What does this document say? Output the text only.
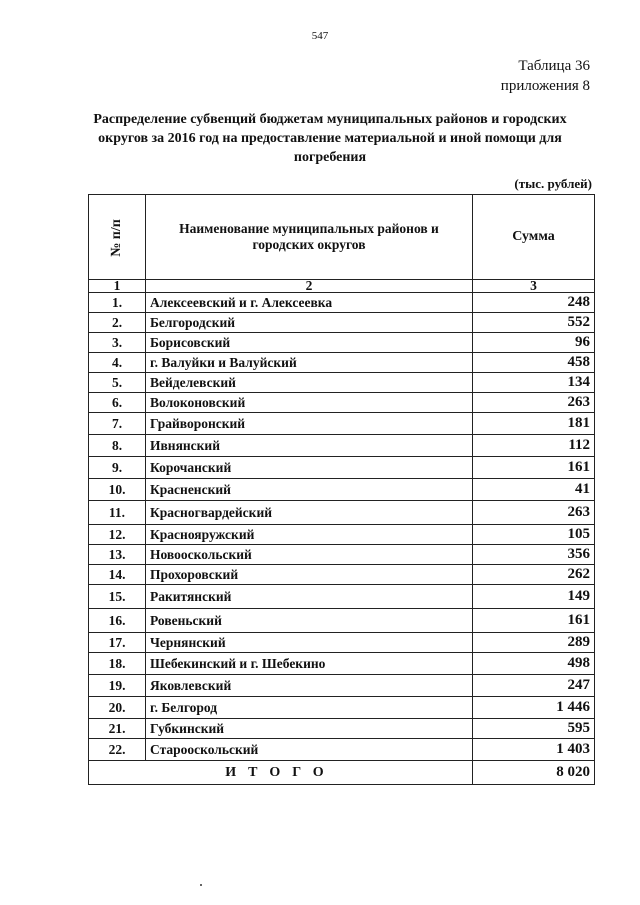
547
Таблица 36
приложения 8
Распределение субвенций бюджетам муниципальных районов и городских округов за 2016 год на предоставление материальной и иной помощи для погребения
(тыс. рублей)
№ п/п	Наименование муниципальных районов и городских округов	Сумма
1	2	3
1.	Алексеевский и г. Алексеевка	248
2.	Белгородский	552
3.	Борисовский	96
4.	г. Валуйки и Валуйский	458
5.	Вейделевский	134
6.	Волоконовский	263
7.	Грайворонский	181
8.	Ивнянский	112
9.	Корочанский	161
10.	Красненский	41
11.	Красногвардейский	263
12.	Краснояружский	105
13.	Новооскольский	356
14.	Прохоровский	262
15.	Ракитянский	149
16.	Ровеньский	161
17.	Чернянский	289
18.	Шебекинский и г. Шебекино	498
19.	Яковлевский	247
20.	г. Белгород	1 446
21.	Губкинский	595
22.	Старооскольский	1 403
ИТОГО		8 020
